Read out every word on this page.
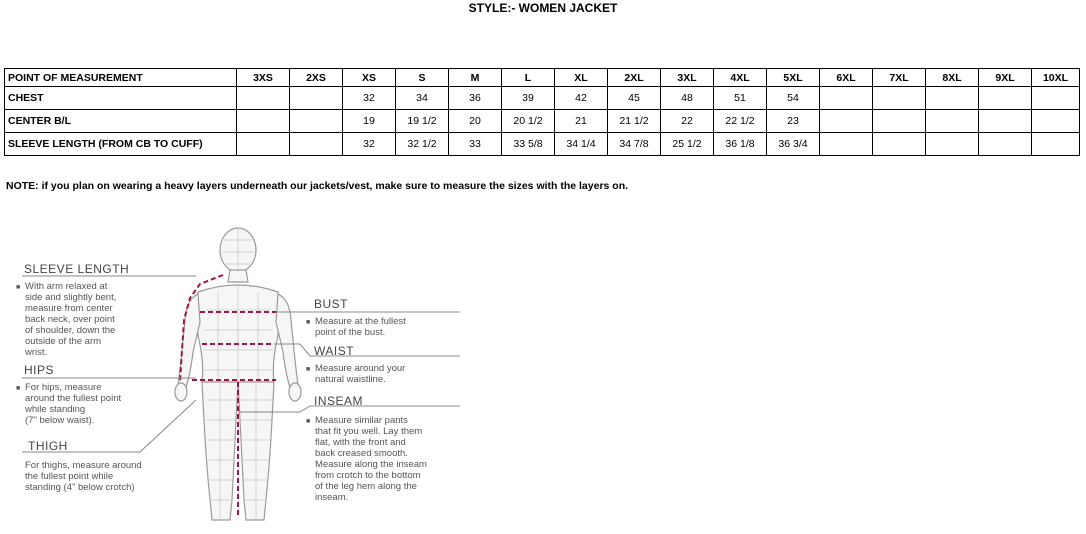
STYLE:- WOMEN JACKET
POINT OF MEASUREMENT	3XS	2XS	XS	S	M	L	XL	2XL	3XL	4XL	5XL	6XL	7XL	8XL	9XL	10XL
CHEST			32	34	36	39	42	45	48	51	54					
CENTER B/L			19	19 1/2	20	20 1/2	21	21 1/2	22	22 1/2	23					
SLEEVE LENGTH (FROM CB TO CUFF)			32	32 1/2	33	33 5/8	34 1/4	34 7/8	25 1/2	36 1/8	36 3/4					
NOTE: if you plan on wearing a heavy layers underneath our jackets/vest, make sure to measure the sizes with the layers on.
SLEEVE LENGTH
■ With arm relaxed at
side and slightly bent,
measure from center
back neck, over point
of shoulder, down the
outside of the arm
wrist.
HIPS
■ For hips, measure
around the fullest point
while standing
(7" below waist).
THIGH
For thighs, measure around
the fullest point while
standing (4" below crotch)
BUST
■ Measure at the fullest
point of the bust.
WAIST
■ Measure around your
natural waistline.
INSEAM
■ Measure similar pants
that fit you well. Lay them
flat, with the front and
back creased smooth.
Measure along the inseam
from crotch to the bottom
of the leg hem along the
inseam.
